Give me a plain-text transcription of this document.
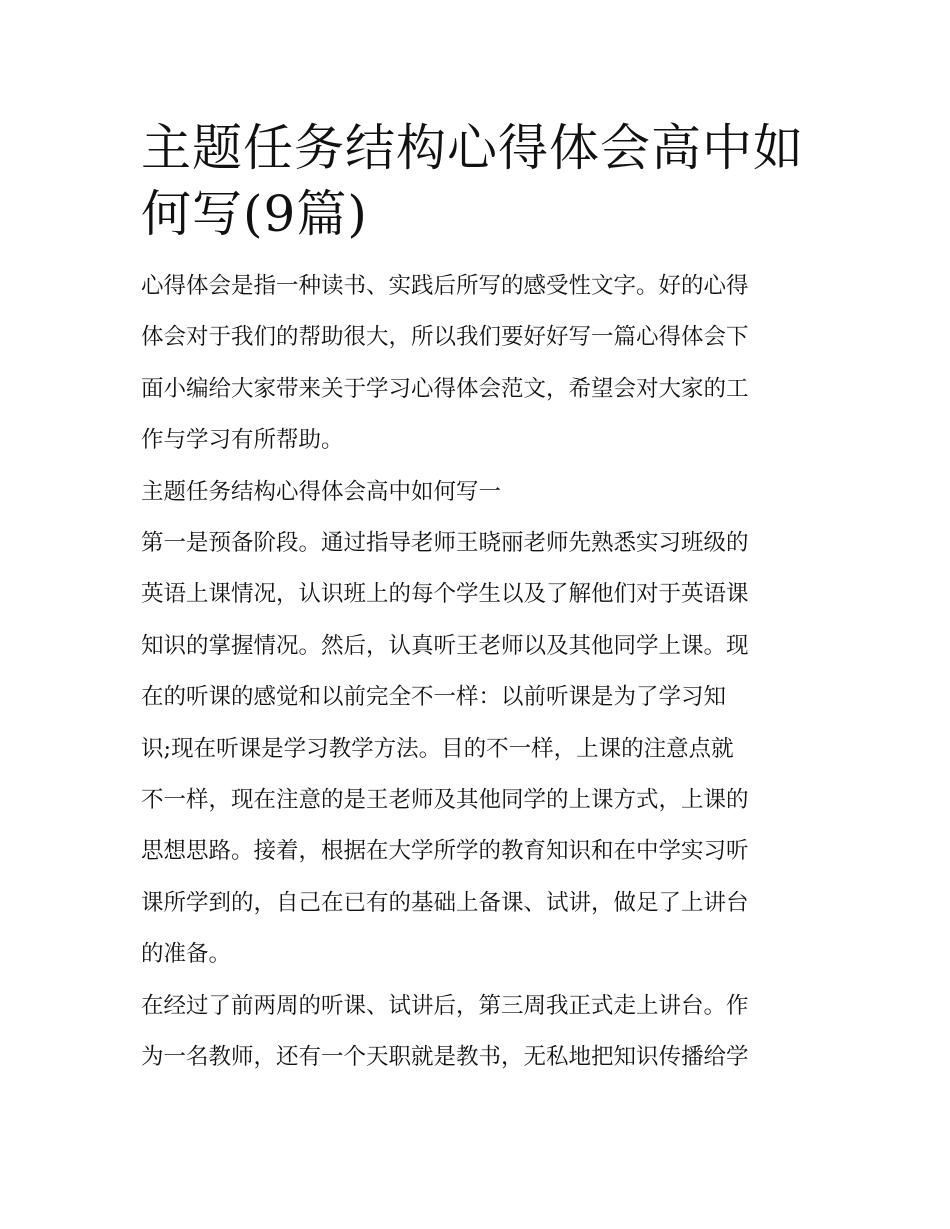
主题任务结构心得体会高中如
何写(9篇)

心得体会是指一种读书、实践后所写的感受性文字。好的心得
体会对于我们的帮助很大，所以我们要好好写一篇心得体会下
面小编给大家带来关于学习心得体会范文，希望会对大家的工
作与学习有所帮助。

主题任务结构心得体会高中如何写一

第一是预备阶段。通过指导老师王晓丽老师先熟悉实习班级的
英语上课情况，认识班上的每个学生以及了解他们对于英语课
知识的掌握情况。然后，认真听王老师以及其他同学上课。现
在的听课的感觉和以前完全不一样：以前听课是为了学习知
识;现在听课是学习教学方法。目的不一样，上课的注意点就
不一样，现在注意的是王老师及其他同学的上课方式，上课的
思想思路。接着，根据在大学所学的教育知识和在中学实习听
课所学到的，自己在已有的基础上备课、试讲，做足了上讲台
的准备。

在经过了前两周的听课、试讲后，第三周我正式走上讲台。作
为一名教师，还有一个天职就是教书，无私地把知识传播给学
